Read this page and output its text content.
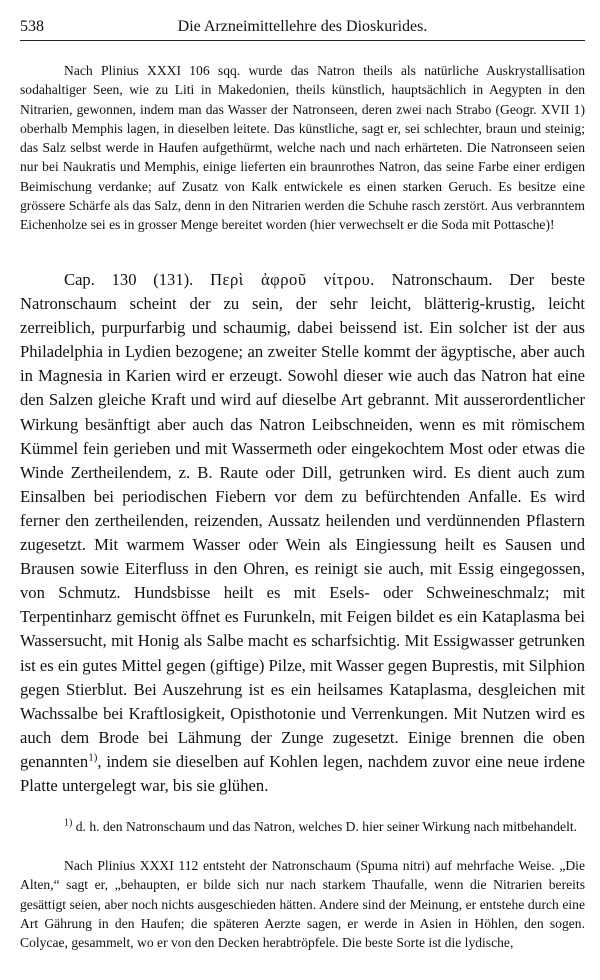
538	Die Arzneimittellehre des Dioskurides.

Nach Plinius XXXI 106 sqq. wurde das Natron theils als natürliche Auskrystallisation sodahaltiger Seen, wie zu Liti in Makedonien, theils künstlich, hauptsächlich in Aegypten in den Nitrarien, gewonnen, indem man das Wasser der Natronseen, deren zwei nach Strabo (Geogr. XVII 1) oberhalb Memphis lagen, in dieselben leitete. Das künstliche, sagt er, sei schlechter, braun und steinig; das Salz selbst werde in Haufen aufgethürmt, welche nach und nach erhärteten. Die Natronseen seien nur bei Naukratis und Memphis, einige lieferten ein braunrothes Natron, das seine Farbe einer erdigen Beimischung verdanke; auf Zusatz von Kalk entwickele es einen starken Geruch. Es besitze eine grössere Schärfe als das Salz, denn in den Nitrarien werden die Schuhe rasch zerstört. Aus verbranntem Eichenholze sei es in grosser Menge bereitet worden (hier verwechselt er die Soda mit Pottasche)!

Cap. 130 (131). Περὶ ἀφροῦ νίτρου. Natronschaum. Der beste Natronschaum scheint der zu sein, der sehr leicht, blätterig-krustig, leicht zerreiblich, purpurfarbig und schaumig, dabei beissend ist. Ein solcher ist der aus Philadelphia in Lydien bezogene; an zweiter Stelle kommt der ägyptische, aber auch in Magnesia in Karien wird er erzeugt. Sowohl dieser wie auch das Natron hat eine den Salzen gleiche Kraft und wird auf dieselbe Art gebrannt. Mit ausserordentlicher Wirkung besänftigt aber auch das Natron Leibschneiden, wenn es mit römischem Kümmel fein gerieben und mit Wassermeth oder eingekochtem Most oder etwas die Winde Zertheilendem, z. B. Raute oder Dill, getrunken wird. Es dient auch zum Einsalben bei periodischen Fiebern vor dem zu befürchtenden Anfalle. Es wird ferner den zertheilenden, reizenden, Aussatz heilenden und verdünnenden Pflastern zugesetzt. Mit warmem Wasser oder Wein als Eingiessung heilt es Sausen und Brausen sowie Eiterfluss in den Ohren, es reinigt sie auch, mit Essig eingegossen, von Schmutz. Hundsbisse heilt es mit Esels- oder Schweineschmalz; mit Terpentinharz gemischt öffnet es Furunkeln, mit Feigen bildet es ein Kataplasma bei Wassersucht, mit Honig als Salbe macht es scharfsichtig. Mit Essigwasser getrunken ist es ein gutes Mittel gegen (giftige) Pilze, mit Wasser gegen Buprestis, mit Silphion gegen Stierblut. Bei Auszehrung ist es ein heilsames Kataplasma, desgleichen mit Wachssalbe bei Kraftlosigkeit, Opisthotonie und Verrenkungen. Mit Nutzen wird es auch dem Brode bei Lähmung der Zunge zugesetzt. Einige brennen die oben genannten$^{1)}$, indem sie dieselben auf Kohlen legen, nachdem zuvor eine neue irdene Platte untergelegt war, bis sie glühen.

$^{1)}$ d. h. den Natronschaum und das Natron, welches D. hier seiner Wirkung nach mitbehandelt.

Nach Plinius XXXI 112 entsteht der Natronschaum (Spuma nitri) auf mehrfache Weise. „Die Alten,“ sagt er, „behaupten, er bilde sich nur nach starkem Thaufalle, wenn die Nitrarien bereits gesättigt seien, aber noch nichts ausgeschieden hätten. Andere sind der Meinung, er entstehe durch eine Art Gährung in den Haufen; die späteren Aerzte sagen, er werde in Asien in Höhlen, den sogen. Colycae, gesammelt, wo er von den Decken herabtröpfele. Die beste Sorte ist die lydische,
